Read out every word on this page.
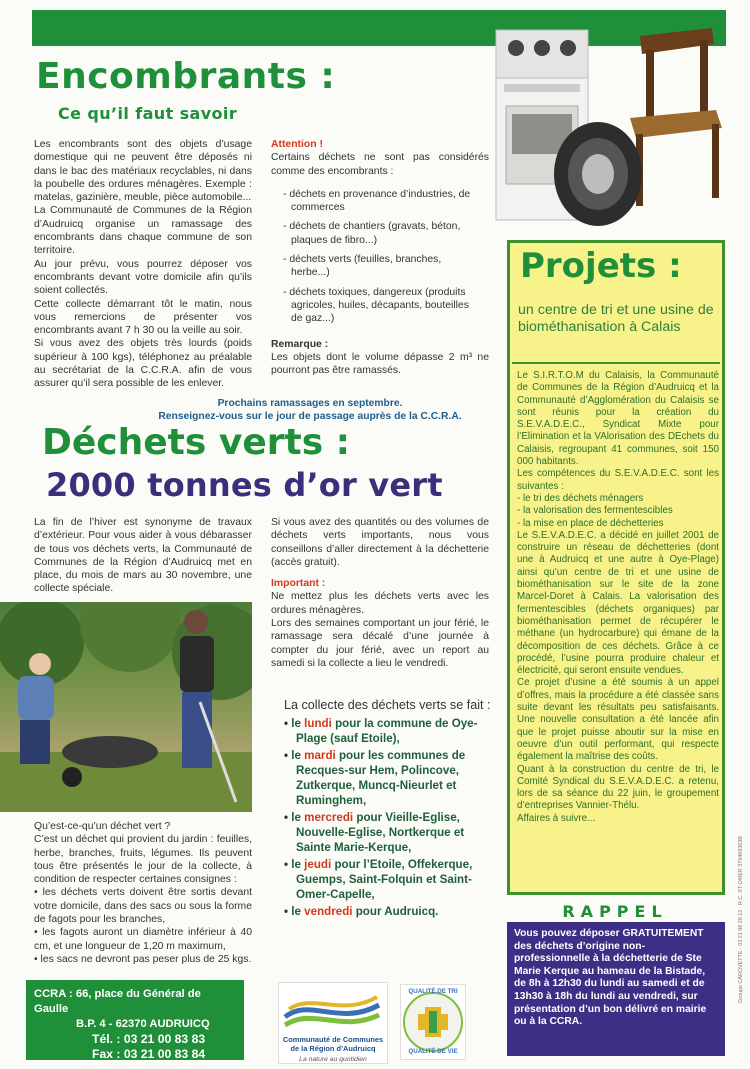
Encombrants :
Ce qu’il faut savoir

Les encombrants sont des objets d’usage domestique qui ne peuvent être déposés ni dans le bac des matériaux recyclables, ni dans la poubelle des ordures ménagères. Exemple : matelas, gazinière, meuble, pièce automobile...

La Communauté de Communes de la Région d’Audruicq organise un ramassage des encombrants dans chaque commune de son territoire.

Au jour prévu, vous pourrez déposer vos encombrants devant votre domicile afin qu’ils soient collectés.

Cette collecte démarrant tôt le matin, nous vous remercions de présenter vos encombrants avant 7 h 30 ou la veille au soir.

Si vous avez des objets très lourds (poids supérieur à 100 kgs), téléphonez au préalable au secrétariat de la C.C.R.A. afin de vous assurer qu’il sera possible de les enlever.

Attention !

Certains déchets ne sont pas considérés comme des encombrants :

- déchets en provenance d’industries, de commerces
- déchets de chantiers (gravats, béton, plaques de fibro...)
- déchets verts (feuilles, branches, herbe...)
- déchets toxiques, dangereux (produits agricoles, huiles, décapants, bouteilles de gaz...)

Remarque :

Les objets dont le volume dépasse 2 m³ ne pourront pas être ramassés.

Prochains ramassages en septembre.
Renseignez-vous sur le jour de passage auprès de la C.C.R.A.
Déchets verts :
2000 tonnes d’or vert
La fin de l’hiver est synonyme de travaux d’extérieur. Pour vous aider à vous débarasser de tous vos déchets verts, la Communauté de Communes de la Région d’Audruicq met en place, du mois de mars au 30 novembre, une collecte spéciale.

Si vous avez des quantités ou des volumes de déchets verts importants, nous vous conseillons d’aller directement à la déchetterie (accès gratuit).

Important :

Ne mettez plus les déchets verts avec les ordures ménagères.

Lors des semaines comportant un jour férié, le ramassage sera décalé d’une journée à compter du jour férié, avec un report au samedi si la collecte a lieu le vendredi.

La collecte des déchets verts se fait :
• le lundi pour la commune de Oye-Plage (sauf Etoile),
• le mardi pour les communes de Recques-sur Hem, Polincove, Zutkerque, Muncq-Nieurlet et Ruminghem,
• le mercredi pour Vieille-Eglise, Nouvelle-Eglise, Nortkerque et Sainte Marie-Kerque,
• le jeudi pour l’Etoile, Offekerque, Guemps, Saint-Folquin et Saint-Omer-Capelle,
• le vendredi pour Audruicq.

Qu’est-ce-qu’un déchet vert ?

C’est un déchet qui provient du jardin : feuilles, herbe, branches, fruits, légumes. Ils peuvent tous être présentés le jour de la collecte, à condition de respecter certaines consignes :

• les déchets verts doivent être sortis devant votre domicile, dans des sacs ou sous la forme de fagots pour les branches,

• les fagots auront un diamètre inférieur à 40 cm, et une longueur de 1,20 m maximum,

• les sacs ne devront pas peser plus de 25 kgs.

Projets :
un centre de tri et une usine de biométhanisation à Calais

Le S.I.R.T.O.M du Calaisis, la Communauté de Communes de la Région d’Audruicq et la Communauté d’Agglomération du Calaisis se sont réunis pour la création du S.E.V.A.D.E.C., Syndicat Mixte pour l’Elimination et la VAlorisation des DEchets du Calaisis, regroupant 41 communes, soit 150 000 habitants.

Les compétences du S.E.V.A.D.E.C. sont les suivantes :

- le tri des déchets ménagers

- la valorisation des fermentescibles

- la mise en place de déchetteries

Le S.E.V.A.D.E.C. a décidé en juillet 2001 de construire un réseau de déchetteries (dont une à Audruicq et une autre à Oye-Plage) ainsi qu’un centre de tri et une usine de biométhanisation sur le site de la zone Marcel-Doret à Calais. La valorisation des fermentescibles (déchets organiques) par biométhanisation permet de récupérer le méthane (un hydrocarbure) qui émane de la décomposition de ces déchets. Grâce à ce procédé, l’usine pourra produire chaleur et électricité, qui seront ensuite vendues.

Ce projet d’usine a été soumis à un appel d’offres, mais la procédure a été classée sans suite devant les résultats peu satisfaisants. Une nouvelle consultation a été lancée afin que le projet puisse aboutir sur la mise en oeuvre d’un outil performant, qui respecte également la maîtrise des coûts.

Quant à la construction du centre de tri, le Comité Syndical du S.E.V.A.D.E.C. a retenu, lors de sa séance du 22 juin, le groupement d’entreprises Vannier-Thélu.

Affaires à suivre...

RAPPEL
Vous pouvez déposer GRATUITEMENT des déchets d’origine non-professionnelle à la déchetterie de Ste Marie Kerque au hameau de la Bistade, de 8h à 12h30 du lundi au samedi et de 13h30 à 18h du lundi au vendredi, sur présentation d’un bon délivré en mairie ou à la CCRA.
CCRA : 66, place du Général de Gaulle
B.P. 4 - 62370 AUDRUICQ
Tél. : 03 21 00 83 83
Fax : 03 21 00 83 84
Communauté de Communes
de la Région d’Audruicq
La nature au quotidien
QUALITÉ DE TRI
QUALITÉ DE VIE
Groupe CAROVETTE · 03 21 98 29 12 · R.C. ST-OMER 379469363B
